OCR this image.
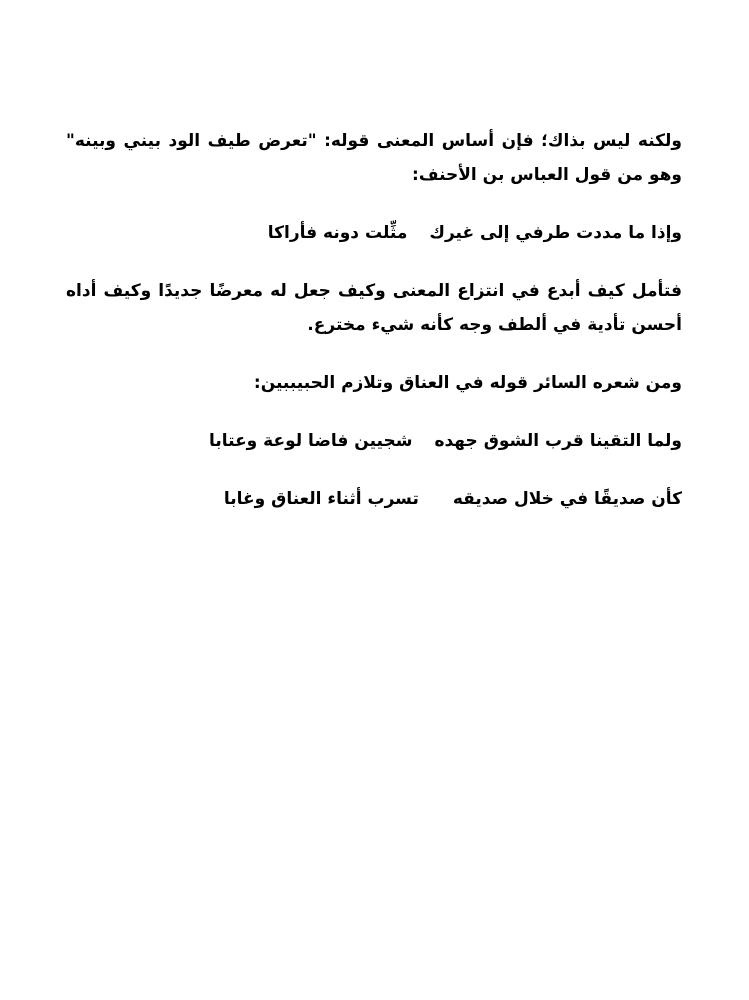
ولكنه ليس بذاك؛ فإن أساس المعنى قوله: "تعرض طيف الود بيني وبينه" وهو من قول العباس بن الأحنف:

وإذا ما مددت طرفي إلى غيرك
مثِّلت دونه فأراكا

فتأمل كيف أبدع في انتزاع المعنى وكيف جعل له معرضًا جديدًا وكيف أداه أحسن تأدية في ألطف وجه كأنه شيء مخترع.

ومن شعره السائر قوله في العناق وتلازم الحبيببين:

ولما التقينا قرب الشوق جهده
شجيين فاضا لوعة وعتابا
كأن صديقًا في خلال صديقه
تسرب أثناء العناق وغابا
